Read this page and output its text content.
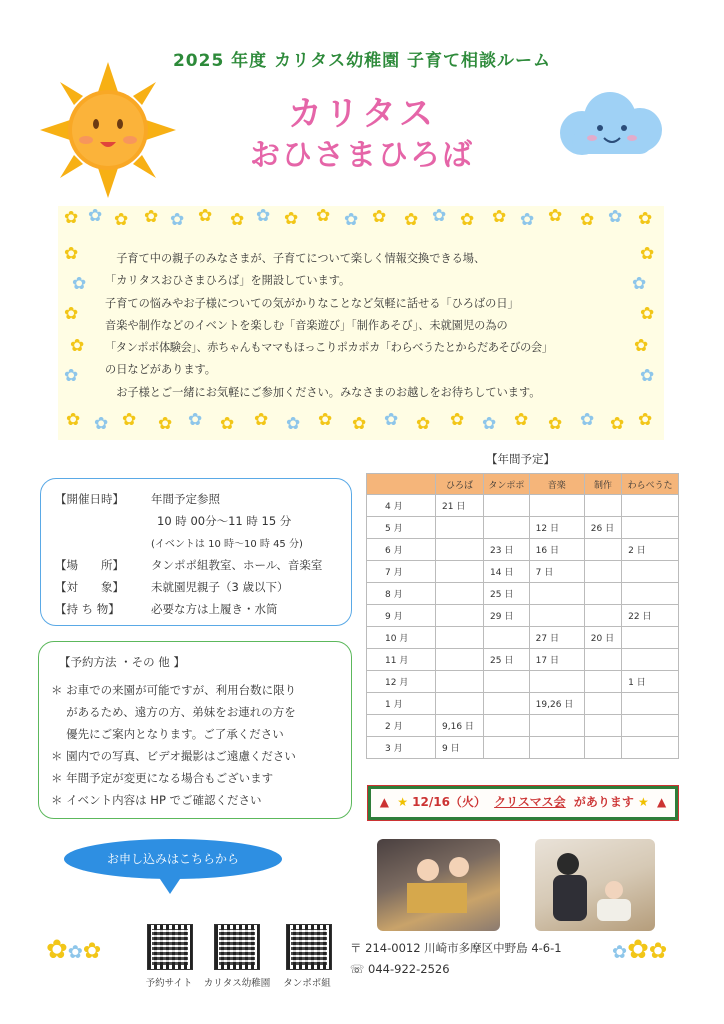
2025 年度 カリタス幼稚園 子育て相談ルーム
カリタス
おひさまひろば
✿ ✿ ✿ ✿ ✿ ✿ ✿ ✿ ✿ ✿ ✿ ✿ ✿ ✿ ✿ ✿ ✿ ✿ ✿ ✿ ✿
✿
✿
✿
✿
✿
✿
✿
✿
✿
✿
✿ ✿ ✿ ✿ ✿ ✿ ✿ ✿ ✿ ✿ ✿ ✿ ✿ ✿ ✿ ✿ ✿ ✿ ✿

　子育て中の親子のみなさまが、子育てについて楽しく情報交換できる場、

「カリタスおひさまひろば」を開設しています。

子育ての悩みやお子様についての気がかりなことなど気軽に話せる「ひろばの日」

音楽や制作などのイベントを楽しむ「音楽遊び」「制作あそび」、未就園児の為の

「タンポポ体験会」、赤ちゃんもママもほっこりポカポカ「わらべうたとからだあそびの会」

の日などがあります。

　お子様とご一緒にお気軽にご参加ください。みなさまのお越しをお待ちしています。

【開催日時】 年間予定参照
10 時 00分～11 時 15 分
(イベントは 10 時～10 時 45 分)
【場　　所】 タンポポ組教室、ホール、音楽室
【対　　象】 未就園児親子（3 歳以下）
【持 ち 物】	必要な方は上履き・水筒
【予約方法 ・その 他 】
＊ お車での来園が可能ですが、利用台数に限り
　 があるため、遠方の方、弟妹をお連れの方を
　 優先にご案内となります。ご了承ください
＊ 園内での写真、ビデオ撮影はご遠慮ください
＊ 年間予定が変更になる場合もございます
＊ イベント内容は HP でご確認ください
【年間予定】
	ひろば	タンポポ	音楽	制作	わらべうた
4 月	21 日				
5 月			12 日	26 日	
6 月		23 日	16 日		2 日
7 月		14 日	7 日		
8 月		25 日			
9 月		29 日			22 日
10 月			27 日	20 日	
11 月		25 日	17 日		
12 月					1 日
1 月			19,26 日		
2 月	9,16 日				
3 月	9 日				
▲ ★ 12/16（火） クリスマス会 があります ★ ▲
お申し込みはこちらから
予約サイト	カリタス幼稚園	タンポポ組
✿✿✿	✿✿✿
〒 214-0012 川崎市多摩区中野島 4-6-1
☏ 044-922-2526
